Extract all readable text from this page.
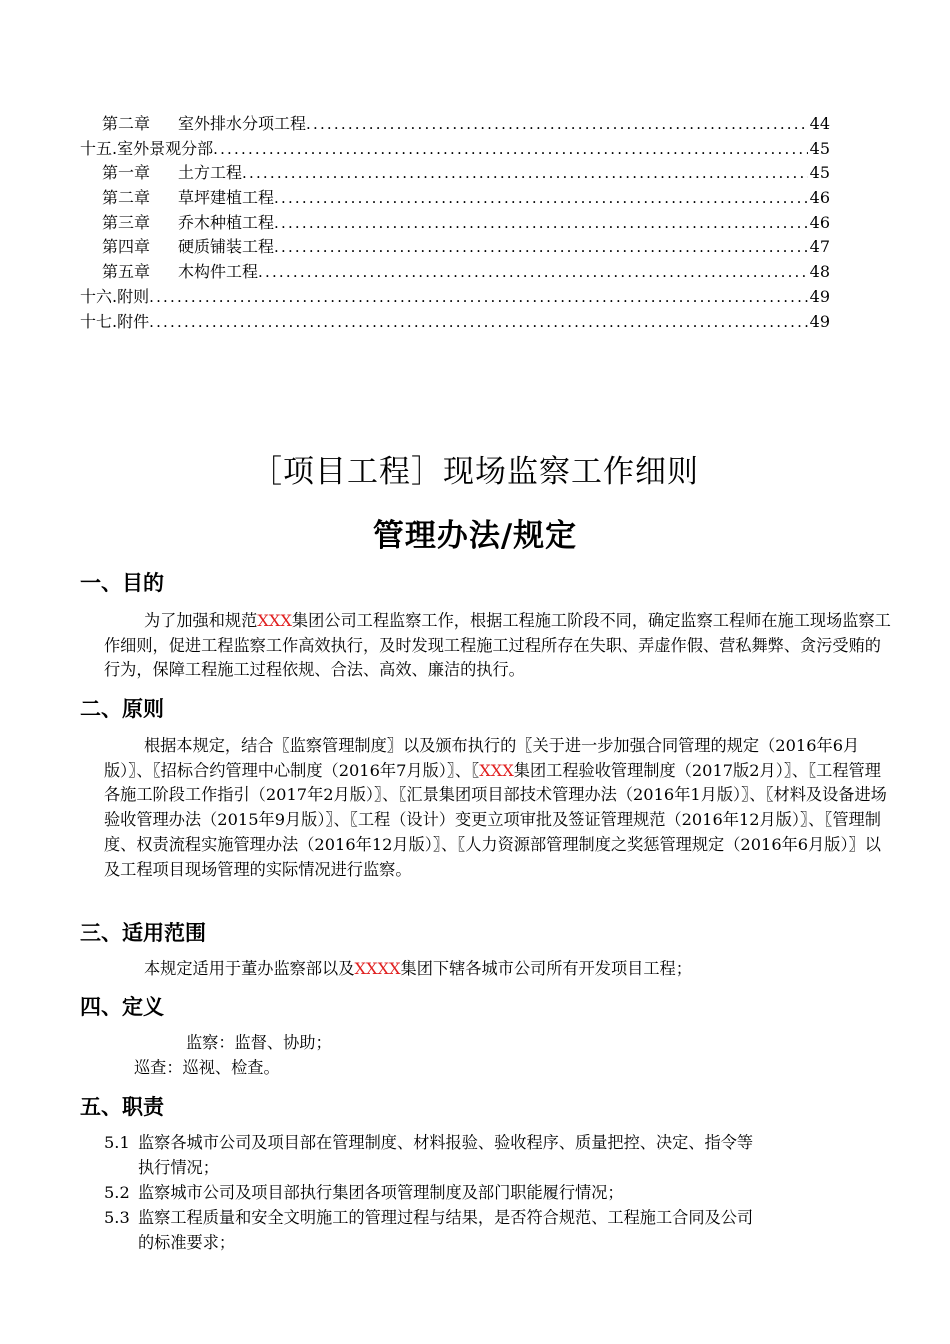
第二章 室外排水分项工程 .....	44
十五.室外景观分部 .....	45
第一章 土方工程 .....	45
第二章 草坪建植工程 .....	46
第三章 乔木种植工程 .....	46
第四章 硬质铺装工程 .....	47
第五章 木构件工程 .....	48
十六.附则 .....	49
十七.附件 .....	49
［项目工程］现场监察工作细则
管理办法/规定
一、目的

为了加强和规范XXX集团公司工程监察工作，根据工程施工阶段不同，确定监察工程师在施工现场监察工作细则，促进工程监察工作高效执行，及时发现工程施工过程所存在失职、弄虚作假、营私舞弊、贪污受贿的行为，保障工程施工过程依规、合法、高效、廉洁的执行。

二、原则

根据本规定，结合〖监察管理制度〗以及颁布执行的〖关于进一步加强合同管理的规定（2016年6月版）〗、〖招标合约管理中心制度（2016年7月版）〗、〖XXX集团工程验收管理制度（2017版2月）〗、〖工程管理各施工阶段工作指引（2017年2月版）〗、〖汇景集团项目部技术管理办法（2016年1月版）〗、〖材料及设备进场验收管理办法（2015年9月版）〗、〖工程（设计）变更立项审批及签证管理规范（2016年12月版）〗、〖管理制度、权责流程实施管理办法（2016年12月版）〗、〖人力资源部管理制度之奖惩管理规定（2016年6月版）〗以及工程项目现场管理的实际情况进行监察。

三、适用范围

本规定适用于董办监察部以及XXXX集团下辖各城市公司所有开发项目工程；

四、定义
监察：监督、协助；
巡查：巡视、检查。
五、职责
5.1 监察各城市公司及项目部在管理制度、材料报验、验收程序、质量把控、决定、指令等
执行情况；
5.2 监察城市公司及项目部执行集团各项管理制度及部门职能履行情况；
5.3 监察工程质量和安全文明施工的管理过程与结果，是否符合规范、工程施工合同及公司
的标准要求；
